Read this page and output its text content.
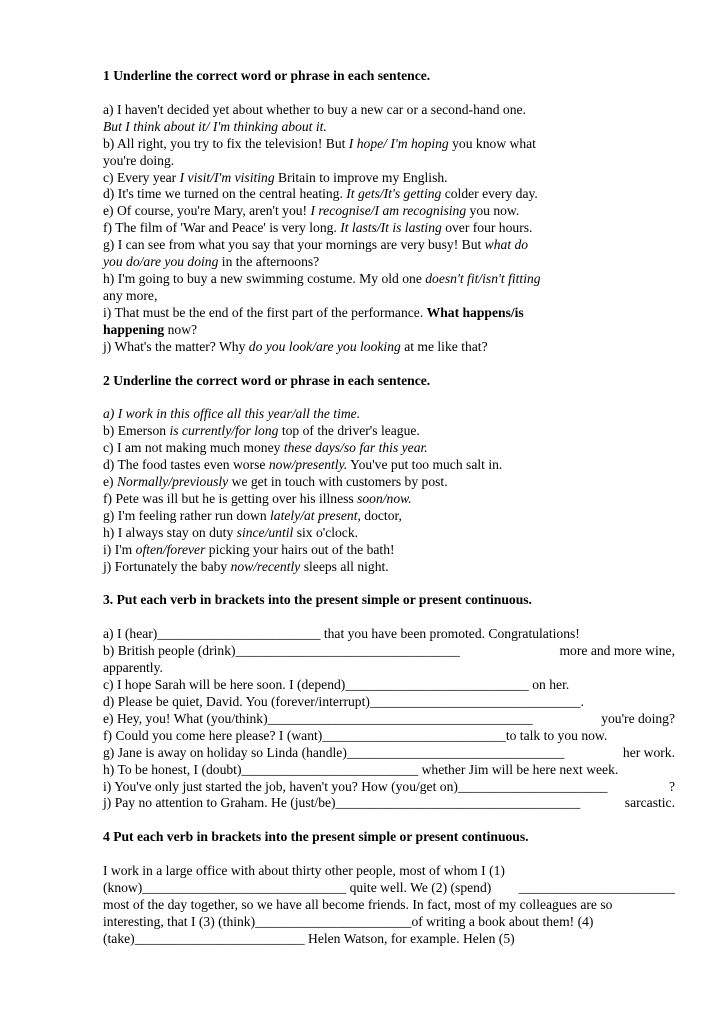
1 Underline the correct word or phrase in each sentence.

a) I haven't decided yet about whether to buy a new car or a second-hand one.

But I think about it/ I'm thinking about it.

b) All right, you try to fix the television! But I hope/ I'm hoping you know what

you're doing.

c) Every year I visit/I'm visiting Britain to improve my English.

d) It's time we turned on the central heating. It gets/It's getting colder every day.

e) Of course, you're Mary, aren't you! I recognise/I am recognising you now.

f) The film of 'War and Peace' is very long. It lasts/It is lasting over four hours.

g) I can see from what you say that your mornings are very busy! But what do

you do/are you doing in the afternoons?

h) I'm going to buy a new swimming costume. My old one doesn't fit/isn't fitting

any more,

i) That must be the end of the first part of the performance. What happens/is

happening now?

j) What's the matter? Why do you look/are you looking at me like that?

2 Underline the correct word or phrase in each sentence.

a) I work in this office all this year/all the time.

b) Emerson is currently/for long top of the driver's league.

c) I am not making much money these days/so far this year.

d) The food tastes even worse now/presently. You've put too much salt in.

e) Normally/previously we get in touch with customers by post.

f) Pete was ill but he is getting over his illness soon/now.

g) I'm feeling rather run down lately/at present, doctor,

h) I always stay on duty since/until six o'clock.

i) I'm often/forever picking your hairs out of the bath!

j) Fortunately the baby now/recently sleeps all night.

3. Put each verb in brackets into the present simple or present continuous.

a) I (hear)________________________ that you have been promoted. Congratulations!

b) British people (drink)_________________________________	more and more wine,

apparently.

c) I hope Sarah will be here soon. I (depend)___________________________ on her.

d) Please be quiet, David. You (forever/interrupt)_______________________________.

e) Hey, you! What (you/think)_______________________________________	you're doing?

f) Could you come here please? I (want)___________________________to talk to you now.

g) Jane is away on holiday so Linda (handle)________________________________	her work.

h) To be honest, I (doubt)__________________________ whether Jim will be here next week.

i) You've only just started the job, haven't you? How (you/get on)______________________	?
j) Pay no attention to Graham. He (just/be)____________________________________	sarcastic.

4 Put each verb in brackets into the present simple or present continuous.

I work in a large office with about thirty other people, most of whom I (1)

(know)______________________________ quite well. We (2) (spend) _______________________

most of the day together, so we have all become friends. In fact, most of my colleagues are so

interesting, that I (3) (think)_______________________of writing a book about them! (4)

(take)_________________________ Helen Watson, for example. Helen (5)
